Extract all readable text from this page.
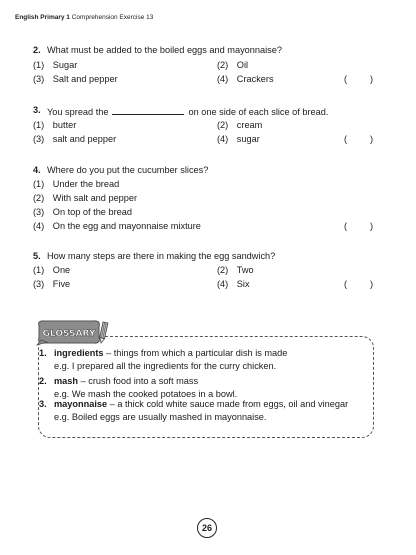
English Primary 1 Comprehension Exercise 13
2. What must be added to the boiled eggs and mayonnaise?
(1) Sugar	(2) Oil
(3) Salt and pepper	(4) Crackers	( )
3. You spread the	on one side of each slice of bread.
(1) butter	(2) cream
(3) salt and pepper	(4) sugar	( )
4. Where do you put the cucumber slices?
(1) Under the bread
(2) With salt and pepper
(3) On top of the bread
(4) On the egg and mayonnaise mixture	( )
5. How many steps are there in making the egg sandwich?
(1) One	(2) Two
(3) Five	(4) Six	( )
GLOSSARY
1. ingredients – things from which a particular dish is made
e.g. I prepared all the ingredients for the curry chicken.
2. mash – crush food into a soft mass
e.g. We mash the cooked potatoes in a bowl.
3. mayonnaise – a thick cold white sauce made from eggs, oil and vinegar
e.g. Boiled eggs are usually mashed in mayonnaise.
26
